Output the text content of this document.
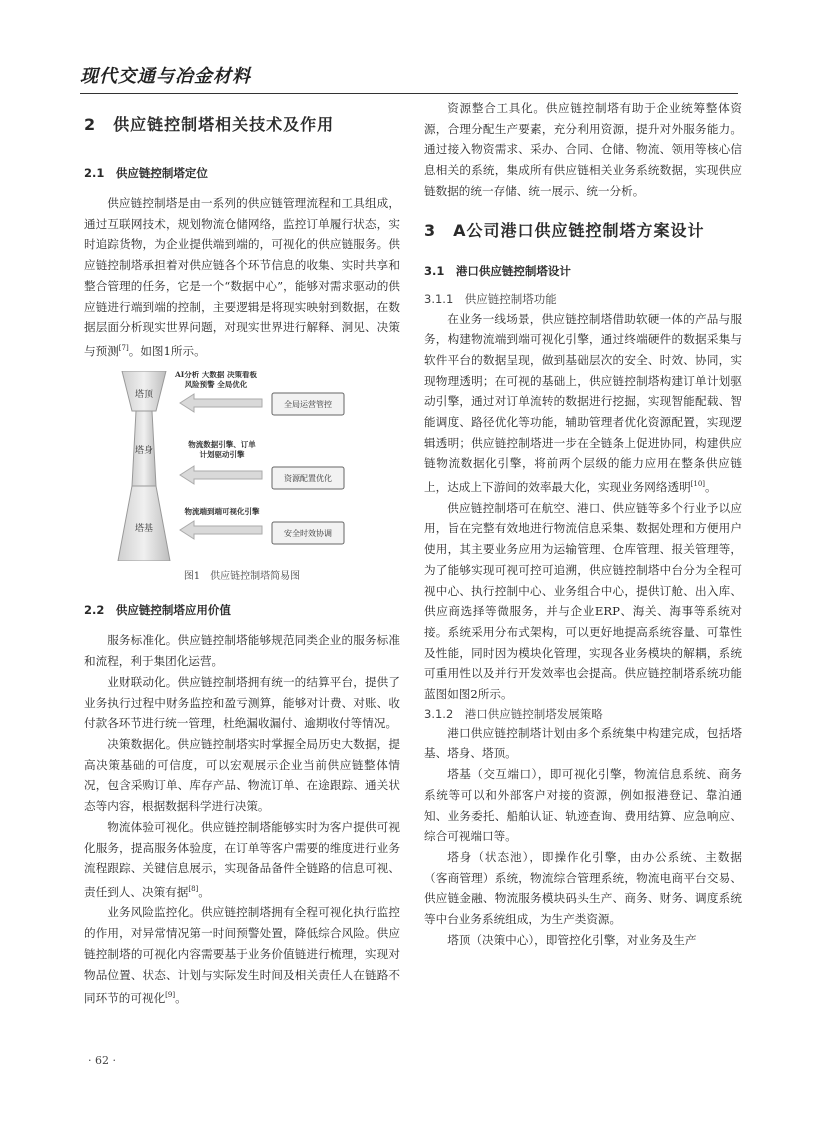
现代交通与冶金材料
2　供应链控制塔相关技术及作用
2.1　供应链控制塔定位

供应链控制塔是由一系列的供应链管理流程和工具组成，通过互联网技术，规划物流仓储网络，监控订单履行状态，实时追踪货物，为企业提供端到端的，可视化的供应链服务。供应链控制塔承担着对供应链各个环节信息的收集、实时共享和整合管理的任务，它是一个“数据中心”，能够对需求驱动的供应链进行端到端的控制，主要逻辑是将现实映射到数据，在数据层面分析现实世界问题，对现实世界进行解释、洞见、决策与预测[7]。如图1所示。

塔顶
塔身
塔基
AI分析 大数据 决策看板
风险预警 全局优化
物流数据引擎、订单
计划驱动引擎
物流端到端可视化引擎
全局运营管控
资源配置优化
安全时效协调
图1　供应链控制塔简易图
2.2　供应链控制塔应用价值

服务标准化。供应链控制塔能够规范同类企业的服务标准和流程，利于集团化运营。

业财联动化。供应链控制塔拥有统一的结算平台，提供了业务执行过程中财务监控和盈亏测算，能够对计费、对账、收付款各环节进行统一管理，杜绝漏收漏付、逾期收付等情况。

决策数据化。供应链控制塔实时掌握全局历史大数据，提高决策基础的可信度，可以宏观展示企业当前供应链整体情况，包含采购订单、库存产品、物流订单、在途跟踪、通关状态等内容，根据数据科学进行决策。

物流体验可视化。供应链控制塔能够实时为客户提供可视化服务，提高服务体验度，在订单等客户需要的维度进行业务流程跟踪、关键信息展示，实现备品备件全链路的信息可视、责任到人、决策有据[8]。

业务风险监控化。供应链控制塔拥有全程可视化执行监控的作用，对异常情况第一时间预警处置，降低综合风险。供应链控制塔的可视化内容需要基于业务价值链进行梳理，实现对物品位置、状态、计划与实际发生时间及相关责任人在链路不同环节的可视化[9]。

资源整合工具化。供应链控制塔有助于企业统筹整体资源，合理分配生产要素，充分利用资源，提升对外服务能力。通过接入物资需求、采办、合同、仓储、物流、领用等核心信息相关的系统，集成所有供应链相关业务系统数据，实现供应链数据的统一存储、统一展示、统一分析。

3　A公司港口供应链控制塔方案设计
3.1　港口供应链控制塔设计
3.1.1　供应链控制塔功能

在业务一线场景，供应链控制塔借助软硬一体的产品与服务，构建物流端到端可视化引擎，通过终端硬件的数据采集与软件平台的数据呈现，做到基础层次的安全、时效、协同，实现物理透明；在可视的基础上，供应链控制塔构建订单计划驱动引擎，通过对订单流转的数据进行挖掘，实现智能配载、智能调度、路径优化等功能，辅助管理者优化资源配置，实现逻辑透明；供应链控制塔进一步在全链条上促进协同，构建供应链物流数据化引擎，将前两个层级的能力应用在整条供应链上，达成上下游间的效率最大化，实现业务网络透明[10]。

供应链控制塔可在航空、港口、供应链等多个行业予以应用，旨在完整有效地进行物流信息采集、数据处理和方便用户使用，其主要业务应用为运输管理、仓库管理、报关管理等，为了能够实现可视可控可追溯，供应链控制塔中台分为全程可视中心、执行控制中心、业务组合中心，提供订舱、出入库、供应商选择等微服务，并与企业ERP、海关、海事等系统对接。系统采用分布式架构，可以更好地提高系统容量、可靠性及性能，同时因为模块化管理，实现各业务模块的解耦，系统可重用性以及并行开发效率也会提高。供应链控制塔系统功能蓝图如图2所示。

3.1.2　港口供应链控制塔发展策略

港口供应链控制塔计划由多个系统集中构建完成，包括塔基、塔身、塔顶。

塔基（交互端口），即可视化引擎，物流信息系统、商务系统等可以和外部客户对接的资源，例如报港登记、靠泊通知、业务委托、船舶认证、轨迹查询、费用结算、应急响应、综合可视端口等。

塔身（状态池），即操作化引擎，由办公系统、主数据（客商管理）系统，物流综合管理系统，物流电商平台交易、供应链金融、物流服务模块码头生产、商务、财务、调度系统等中台业务系统组成，为生产类资源。

塔顶（决策中心），即管控化引擎，对业务及生产

· 62 ·
